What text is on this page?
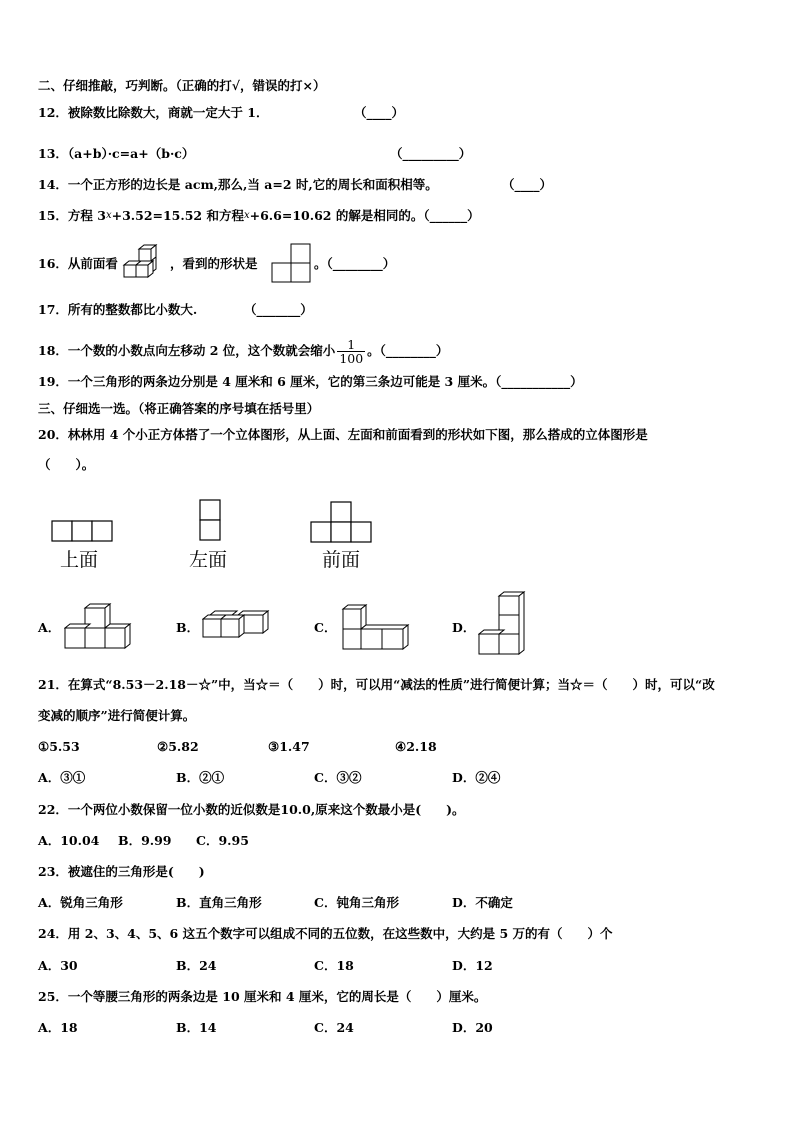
二、仔细推敲，巧判断。（正确的打√，错误的打×）
12．被除数比除数大，商就一定大于 1．	（____）
13．（a+b）·c=a+（b·c）	（_________）
14．一个正方形的边长是 acm,那么,当 a=2 时,它的周长和面积相等。	（____）
15．方程 3x+3.52=15.52 和方程x+6.6=10.62 的解是相同的。（______）
16．从前面看	，看到的形状是	。（________）
17．所有的整数都比小数大.	（_______）
18．一个数的小数点向左移动 2 位，这个数就会缩小 $\frac{1}{100}$ 。（________）
19．一个三角形的两条边分别是 4 厘米和 6 厘米，它的第三条边可能是 3 厘米。（___________）
三、仔细选一选。（将正确答案的序号填在括号里）
20．林林用 4 个小正方体搭了一个立体图形，从上面、左面和前面看到的形状如下图，那么搭成的立体图形是
（　　）。
上面	左面	前面
A．	B．	C．	D．
21．在算式“8.53－2.18－☆”中，当☆＝（　　）时，可以用“减法的性质”进行简便计算；当☆＝（　　）时，可以“改
变减的顺序”进行简便计算。
①5.53	②5.82	③1.47	④2.18
A．③①	B．②①	C．③②	D．②④
22．一个两位小数保留一位小数的近似数是10.0,原来这个数最小是(　　)。
A．10.04 B．9.99 C．9.95
23．被遮住的三角形是(　　)
A．锐角三角形	B．直角三角形	C．钝角三角形	D．不确定
24．用 2、3、4、5、6 这五个数字可以组成不同的五位数，在这些数中，大约是 5 万的有（　　）个
A．30	B．24	C．18	D．12
25．一个等腰三角形的两条边是 10 厘米和 4 厘米，它的周长是（　　）厘米。
A．18	B．14	C．24	D．20
